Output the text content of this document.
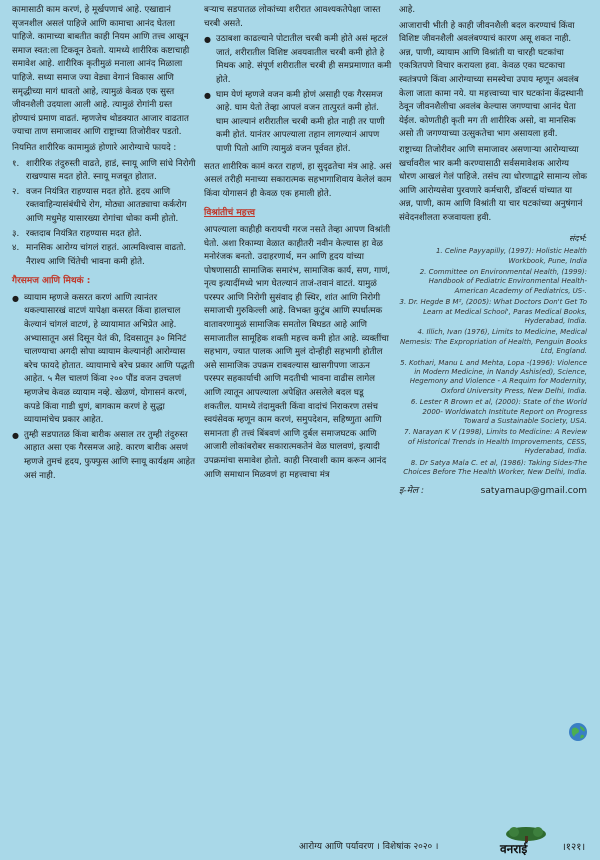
कामासाठी काम करणं, हे मूर्खपणाचं आहे. एखाद्यानं सृजनशील असलं पाहिजे आणि कामाचा आनंद घेतला पाहिजे. कामाच्या बाबतीत काही नियम आणि तत्त्व आखून समाज स्वत:ला टिकवून ठेवतो. यामध्ये शारीरिक कष्टाचाही समावेश आहे. शारीरिक कृतीमुळं मनाला आनंद मिळाला पाहिजे. सध्या समाज ज्या वेड्या वेगानं विकास आणि समृद्धीच्या मागं धावतो आहे, त्यामुळं केवळ एक सुस्त जीवनशैली उदयाला आली आहे. त्यामुळं रोगांनी ग्रस्त होण्याचं प्रमाण वाढतं. म्हणजेच थोडक्यात आजार वाढतात ज्याचा ताण समाजावर आणि राष्ट्राच्या तिजोरीवर पडतो.

नियमित शारीरिक कामामुळं होणारे आरोग्याचे फायदे :

१. शारीरिक तंदुरुस्ती वाढते, हाडं, स्नायू आणि सांधे निरोगी राखण्यास मदत होते. स्नायू मजबूत होतात.
२. वजन नियंत्रित राहण्यास मदत होते. हृदय आणि रक्तवाहिन्यासंबंधीचे रोग, मोठ्या आतड्याचा कर्करोग आणि मधुमेह यासारख्या रोगांचा धोका कमी होतो.
३. रक्तदाब नियंत्रित राहण्यास मदत होते.
४. मानसिक आरोग्य चांगलं राहतं. आत्मविश्वास वाढतो. नैराश्य आणि चिंतेची भावना कमी होते.
गैरसमज आणि मिथकं :
● व्यायाम म्हणजे कसरत करणं आणि त्यानंतर थकल्यासारखं वाटणं यापेक्षा कसरत किंवा हालचाल केल्यानं चांगलं वाटणं, हे व्यायामात अभिप्रेत आहे. अभ्यासातून असं दिसून येतं की, दिवसातून ३० मिनिटं चालण्याचा अगदी सोपा व्यायाम केल्यानंही आरोग्यास बरेच फायदे होतात. व्यायामाचे बरेच प्रकार आणि पद्धती आहेत. ५ मैल चालणं किंवा २०० पौंड वजन उचलणं म्हणजेच केवळ व्यायाम नव्हे. खेळणं, योगासनं करणं, कपडे किंवा गाडी धुणं, बागकाम करणं हे सुद्धा व्यायामांचेच प्रकार आहेत.
● तुम्ही सडपातळ किंवा बारीक असाल तर तुम्ही तंदुरुस्त आहात असा एक गैरसमज आहे. कारण बारीक असणं म्हणजे तुमचं हृदय, फुफ्फुस आणि स्नायू कार्यक्षम आहेत असं नाही.

बऱ्याच सडपातळ लोकांच्या शरीरात आवश्यकतेपेक्षा जास्त चरबी असते.

● उठाबशा काढल्याने पोटातील चरबी कमी होते असं म्हटलं जातं, शरीरातील विशिष्ट अवयवातील चरबी कमी होते हे मिथक आहे. संपूर्ण शरीरातील चरबी ही समप्रमाणात कमी होते.
● घाम येणं म्हणजे वजन कमी होणं असाही एक गैरसमज आहे. घाम येतो तेव्हा आपलं वजन तात्पुरतं कमी होतं. घाम आल्यानं शरीरातील चरबी कमी होत नाही तर पाणी कमी होतं. यानंतर आपल्याला तहान लागल्यानं आपण पाणी पितो आणि त्यामुळं वजन पूर्ववत होतं.

सतत शारीरिक कामं करत राहणं, हा सुदृढतेचा मंत्र आहे. असं असलं तरीही मनाच्या सकारात्मक सहभागाशिवाय केलेलं काम किंवा योगासनं ही केवळ एक हमाली होते.

विश्रांतीचं महत्त्व

आपल्याला काहीही करायची गरज नसते तेव्हा आपण विश्रांती घेतो. अशा रिकाम्या वेळात काहीतरी नवीन केल्यास हा वेळ मनोरंजक बनतो. उदाहरणार्थ, मन आणि हृदय यांच्या पोषणासाठी सामाजिक समारंभ, सामाजिक कार्य, सण, गाणं, नृत्य इत्यादींमध्ये भाग घेतल्यानं ताजं-तवानं वाटतं. यामुळं परस्पर आणि निरोगी सुसंवाद ही स्थिर, शांत आणि निरोगी समाजाची गुरुकिल्ली आहे. विभक्त कुटुंब आणि स्पर्धात्मक वातावरणामुळं सामाजिक समतोल बिघडत आहे आणि समाजातील सामूहिक शक्ती महत्त्व कमी होत आहे. व्यक्तींचा सहभाग, ज्यात पालक आणि मुलं दोन्हीही सहभागी होतील असे सामाजिक उपक्रम राबवल्यास खासगीपणा जाऊन परस्पर सहकार्याची आणि मदतीची भावना वाढीस लागेल आणि त्यातून आपल्याला अपेक्षित असलेले बदल घडू शकतील. यामध्ये तंदामुक्ती किंवा वादांचं निराकरण तसंच स्वयंसेवक म्हणून काम करणं, समुपदेशन, सहिष्णुता आणि समानता ही तत्त्वं बिंबवणं आणि दुर्बल समाजघटक आणि आजारी लोकांबरोबर सकारात्मकतेनं वेळ घालवणं, इत्यादी उपक्रमांचा समावेश होतो. काही निरवाशी काम करून आनंद आणि समाधान मिळवणं हा महत्त्वाचा मंत्र

आहे.

आजाराची भीती हे काही जीवनशैली बदल करण्याचं किंवा विशिष्ट जीवनशैली अवलंबण्याचं कारण असू शकत नाही. अन्न, पाणी, व्यायाम आणि विश्रांती या चारही घटकांचा एकत्रितपणे विचार करायला हवा. केवळ एका घटकाचा स्वतंत्रपणे किंवा आरोग्याच्या समस्येचा उपाय म्हणून अवलंब केला जाता कामा नये. या महत्त्वाच्या चार घटकांना केंद्रस्थानी ठेवून जीवनशैलीचा अवलंब केल्यास जगण्याचा आनंद घेता येईल. कोणतीही कृती मग ती शारीरिक असो, वा मानसिक असो ती जगण्याच्या उत्सुकतेचा भाग असायला हवी.

राष्ट्राच्या तिजोरीवर आणि समाजावर असणाऱ्या आरोग्याच्या खर्चावरील भार कमी करण्यासाठी सर्वसमावेशक आरोग्य धोरण आखलं गेलं पाहिजे. तसंच त्या धोरणाद्वारे सामान्य लोक आणि आरोग्यसेवा पुरवणारे कर्मचारी, डॉक्टर्स यांच्यात या अन्न, पाणी, काम आणि विश्रांती या चार घटकांच्या अनुषंगानं संवेदनशीलता रुजवायला हवी.

संदर्भ:
1. Celine Payyapilly, (1997): Holistic Health Workbook, Pune, India
2. Committee on Environmental Health, (1999): Handbook of Pediatric Environmental Health-American Academy of Pediatrics, US-.
3. Dr. Hegde B M², (2005): What Doctors Don't Get To Learn at Medical School', Paras Medical Books, Hyderabad, India.
4. Illich, Ivan (1976), Limits to Medicine, Medical Nemesis: The Expropriation of Health, Penguin Books Ltd, England.
5. Kothari, Manu L and Mehta, Lopa -(1996): Violence in Modern Medicine, in Nandy Ashis(ed), Science, Hegemony and Violence - A Requim for Modernity, Oxford University Press, New Delhi, India.
6. Lester R Brown et al, (2000): State of the World 2000- Worldwatch Institute Report on Progress Toward a Sustainable Society, USA.
7. Narayan K V (1998), Limits to Medicine: A Review of Historical Trends in Health Improvements, CESS, Hyderabad, India.
8. Dr Satya Mala C. et al, (1986): Taking Sides-The Choices Before The Health Worker, New Delhi, India.
इ-मेल :	satyamaup@gmail.com
आरोग्य आणि पर्यावरण । विशेषांक २०२० ।	वनराई	।१२१।
